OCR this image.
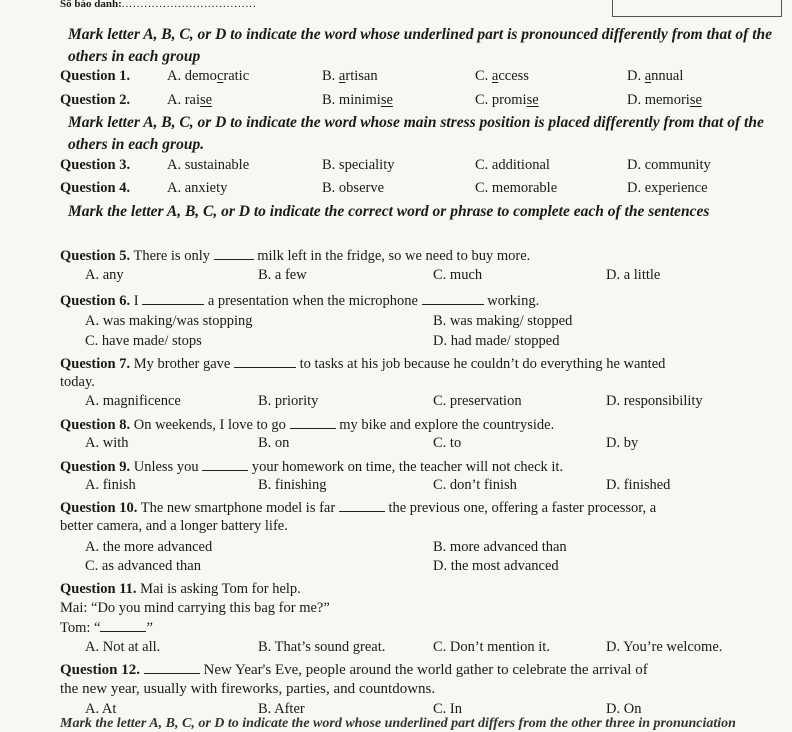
Số báo danh:....................................
Mark letter A, B, C, or D to indicate the word whose underlined part is pronounced differently from that of the others in each group
Question 1.	A. democratic	B. artisan	C. access	D. annual
Question 2.	A. raise	B. minimise	C. promise	D. memorise
Mark letter A, B, C, or D to indicate the word whose main stress position is placed differently from that of the others in each group.
Question 3.	A. sustainable	B. speciality	C. additional	D. community
Question 4.	A. anxiety	B. observe	C. memorable	D. experience
Mark the letter A, B, C, or D to indicate the correct word or phrase to complete each of the sentences
Question 5. There is only	milk left in the fridge, so we need to buy more.
A. any	B. a few	C. much	D. a little
Question 6. I	a presentation when the microphone	working.
A. was making/was stopping	B. was making/ stopped
C. have made/ stops	D. had made/ stopped
Question 7. My brother gave	to tasks at his job because he couldn’t do everything he wanted
today.
A. magnificence	B. priority	C. preservation	D. responsibility
Question 8. On weekends, I love to go	my bike and explore the countryside.
A. with	B. on	C. to	D. by
Question 9. Unless you	your homework on time, the teacher will not check it.
A. finish	B. finishing	C. don’t finish	D. finished
Question 10. The new smartphone model is far	the previous one, offering a faster processor, a
better camera, and a longer battery life.
A. the more advanced	B. more advanced than
C. as advanced than	D. the most advanced
Question 11. Mai is asking Tom for help.
Mai: “Do you mind carrying this bag for me?”
Tom: “	”
A. Not at all.	B. That’s sound great.	C. Don’t mention it.	D. You’re welcome.
Question 12.	New Year's Eve, people around the world gather to celebrate the arrival of
the new year, usually with fireworks, parties, and countdowns.
A. At	B. After	C. In	D. On
Mark the letter A, B, C, or D to indicate the word whose underlined part differs from the other three in pronunciation
